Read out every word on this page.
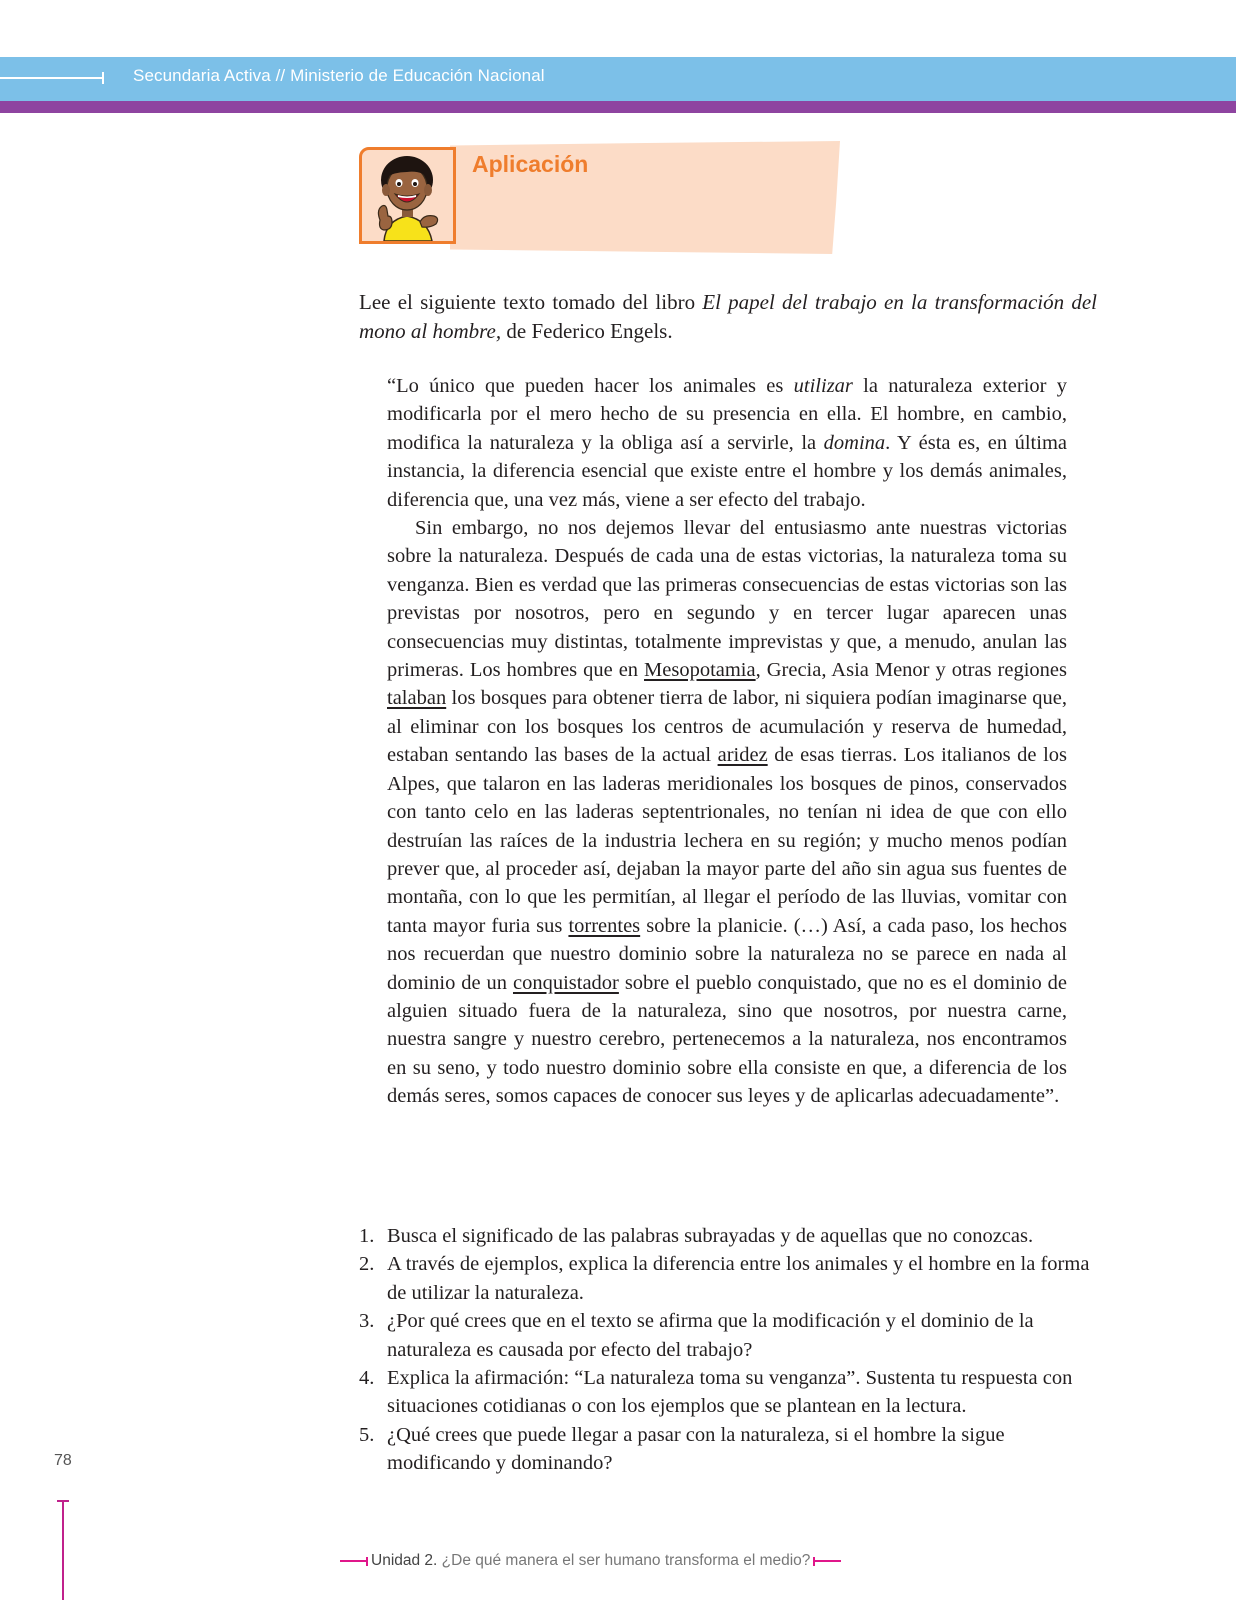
Secundaria Activa // Ministerio de Educación Nacional
Aplicación
Lee el siguiente texto tomado del libro El papel del trabajo en la transformación del mono al hombre, de Federico Engels.

“Lo único que pueden hacer los animales es utilizar la naturaleza exterior y modificarla por el mero hecho de su presencia en ella. El hombre, en cambio, modifica la naturaleza y la obliga así a servirle, la domina. Y ésta es, en última instancia, la diferencia esencial que existe entre el hombre y los demás animales, diferencia que, una vez más, viene a ser efecto del trabajo.

Sin embargo, no nos dejemos llevar del entusiasmo ante nuestras victorias sobre la naturaleza. Después de cada una de estas victorias, la naturaleza toma su venganza. Bien es verdad que las primeras consecuencias de estas victorias son las previstas por nosotros, pero en segundo y en tercer lugar aparecen unas consecuencias muy distintas, totalmente imprevistas y que, a menudo, anulan las primeras. Los hombres que en Mesopotamia, Grecia, Asia Menor y otras regiones talaban los bosques para obtener tierra de labor, ni siquiera podían imaginarse que, al eliminar con los bosques los centros de acumulación y reserva de humedad, estaban sentando las bases de la actual aridez de esas tierras. Los italianos de los Alpes, que talaron en las laderas meridionales los bosques de pinos, conservados con tanto celo en las laderas septentrionales, no tenían ni idea de que con ello destruían las raíces de la industria lechera en su región; y mucho menos podían prever que, al proceder así, dejaban la mayor parte del año sin agua sus fuentes de montaña, con lo que les permitían, al llegar el período de las lluvias, vomitar con tanta mayor furia sus torrentes sobre la planicie. (…) Así, a cada paso, los hechos nos recuerdan que nuestro dominio sobre la naturaleza no se parece en nada al dominio de un conquistador sobre el pueblo conquistado, que no es el dominio de alguien situado fuera de la naturaleza, sino que nosotros, por nuestra carne, nuestra sangre y nuestro cerebro, pertenecemos a la naturaleza, nos encontramos en su seno, y todo nuestro dominio sobre ella consiste en que, a diferencia de los demás seres, somos capaces de conocer sus leyes y de aplicarlas adecuadamente”.

1. Busca el significado de las palabras subrayadas y de aquellas que no conozcas.
2. A través de ejemplos, explica la diferencia entre los animales y el hombre en la forma de utilizar la naturaleza.
3. ¿Por qué crees que en el texto se afirma que la modificación y el dominio de la naturaleza es causada por efecto del trabajo?
4. Explica la afirmación: “La naturaleza toma su venganza”. Sustenta tu respuesta con situaciones cotidianas o con los ejemplos que se plantean en la lectura.
5. ¿Qué crees que puede llegar a pasar con la naturaleza, si el hombre la sigue modificando y dominando?
78
Unidad 2. ¿De qué manera el ser humano transforma el medio?
